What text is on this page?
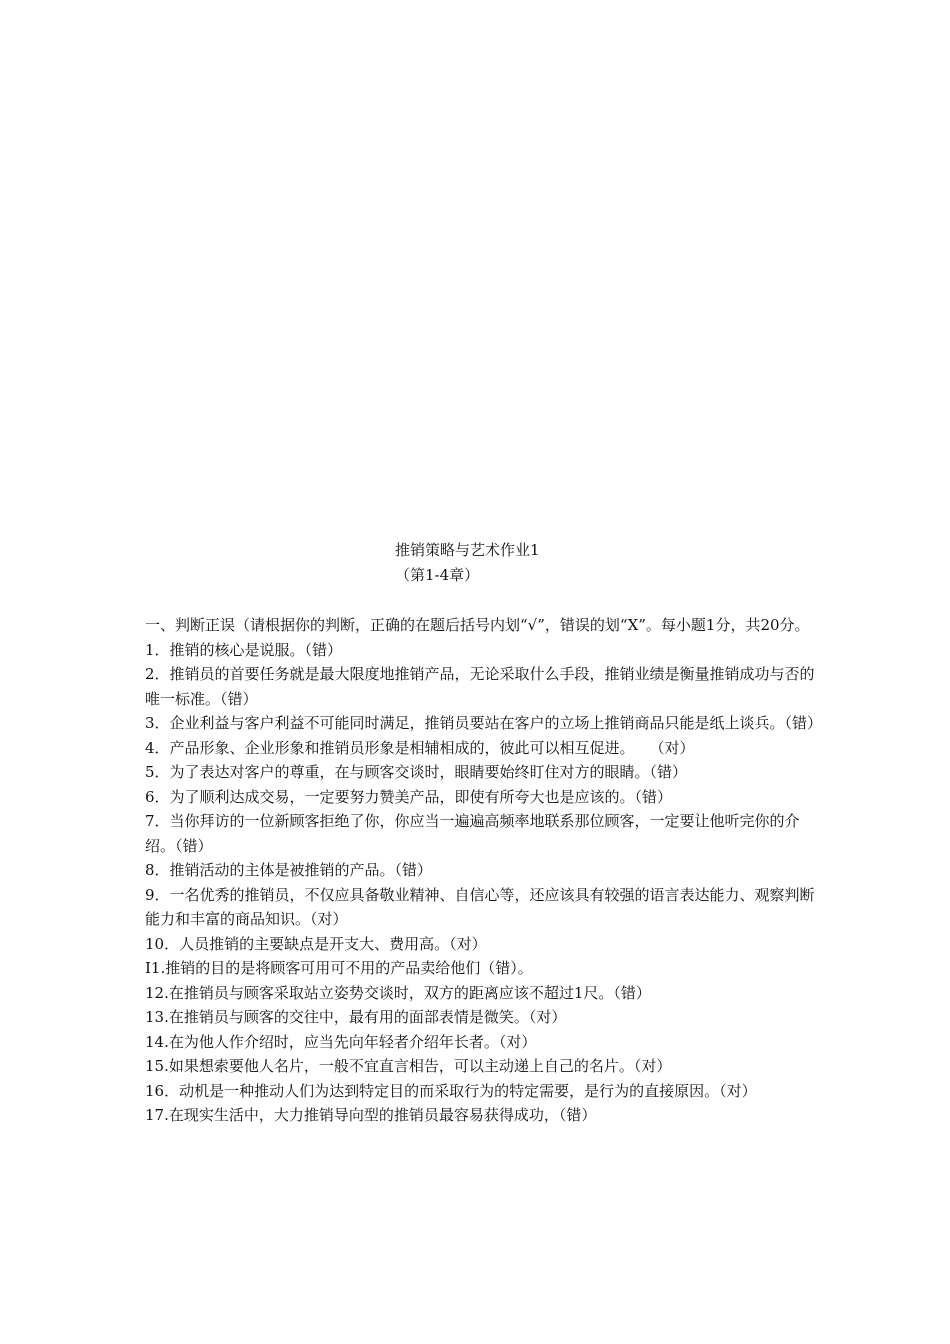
推销策略与艺术作业1
（第1-4章）

一、判断正误（请根据你的判断，正确的在题后括号内划“√”，错误的划“X”。每小题1分，共20分。

1．推销的核心是说服。（错）

2．推销员的首要任务就是最大限度地推销产品，无论采取什么手段，推销业绩是衡量推销成功与否的唯一标准。（错）

3．企业利益与客户利益不可能同时满足，推销员要站在客户的立场上推销商品只能是纸上谈兵。（错）

4．产品形象、企业形象和推销员形象是相辅相成的，彼此可以相互促进。　　（对）

5．为了表达对客户的尊重，在与顾客交谈时，眼睛要始终盯住对方的眼睛。（错）

6．为了顺利达成交易，一定要努力赞美产品，即使有所夸大也是应该的。（错）

7．当你拜访的一位新顾客拒绝了你，你应当一遍遍高频率地联系那位顾客，一定要让他听完你的介绍。（错）

8．推销活动的主体是被推销的产品。（错）

9．一名优秀的推销员，不仅应具备敬业精神、自信心等，还应该具有较强的语言表达能力、观察判断能力和丰富的商品知识。（对）

10．人员推销的主要缺点是开支大、费用高。（对）

I1.推销的目的是将顾客可用可不用的产品卖给他们（错）。

12.在推销员与顾客采取站立姿势交谈时，双方的距离应该不超过1尺。（错）

13.在推销员与顾客的交往中，最有用的面部表情是微笑。（对）

14.在为他人作介绍时，应当先向年轻者介绍年长者。（对）

15.如果想索要他人名片，一般不宜直言相告，可以主动递上自己的名片。（对）

16．动机是一种推动人们为达到特定目的而采取行为的特定需要，是行为的直接原因。（对）

17.在现实生活中，大力推销导向型的推销员最容易获得成功，（错）
